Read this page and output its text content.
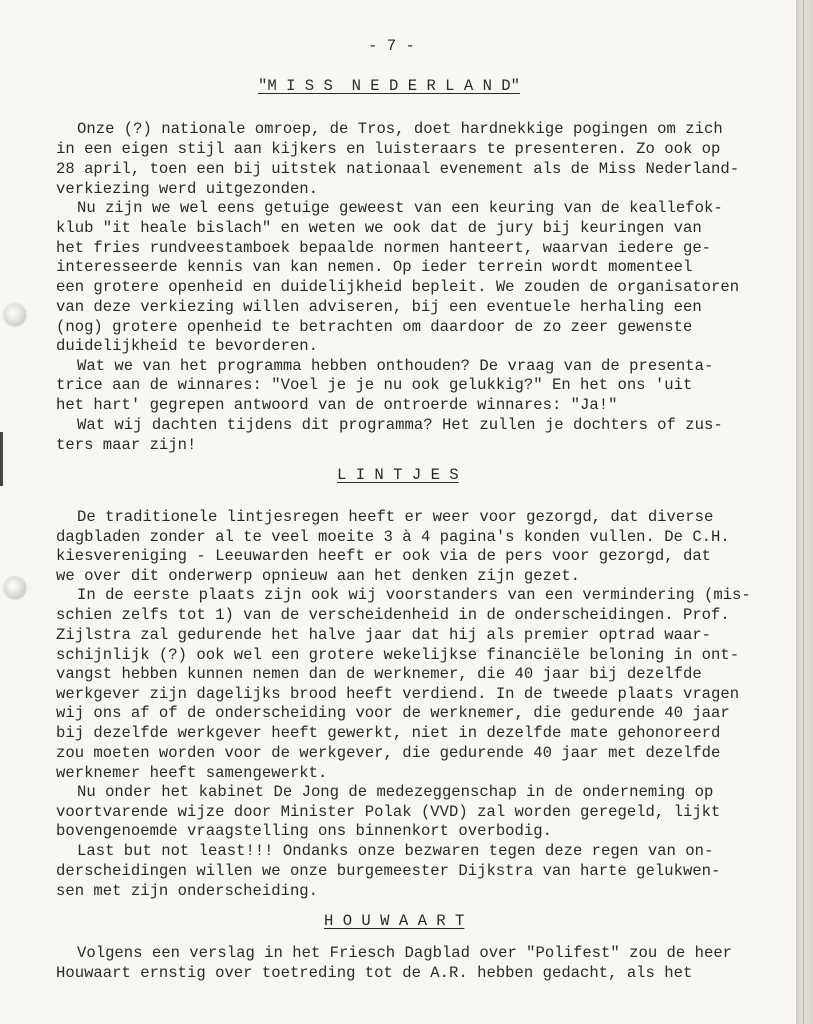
- 7 -

"M I S S  N E D E R L A N D"

Onze (?) nationale omroep, de Tros, doet hardnekkige pogingen om zich

in een eigen stijl aan kijkers en luisteraars te presenteren. Zo ook op

28 april, toen een bij uitstek nationaal evenement als de Miss Nederland-

verkiezing werd uitgezonden.

Nu zijn we wel eens getuige geweest van een keuring van de keallefok-

klub "it heale bislach" en weten we ook dat de jury bij keuringen van

het fries rundveestamboek bepaalde normen hanteert, waarvan iedere ge-

interesseerde kennis van kan nemen. Op ieder terrein wordt momenteel

een grotere openheid en duidelijkheid bepleit. We zouden de organisatoren

van deze verkiezing willen adviseren, bij een eventuele herhaling een

(nog) grotere openheid te betrachten om daardoor de zo zeer gewenste

duidelijkheid te bevorderen.

Wat we van het programma hebben onthouden? De vraag van de presenta-

trice aan de winnares: "Voel je je nu ook gelukkig?" En het ons 'uit

het hart' gegrepen antwoord van de ontroerde winnares: "Ja!"

Wat wij dachten tijdens dit programma? Het zullen je dochters of zus-

ters maar zijn!

L I N T J E S

De traditionele lintjesregen heeft er weer voor gezorgd, dat diverse

dagbladen zonder al te veel moeite 3 à 4 pagina's konden vullen. De C.H.

kiesvereniging - Leeuwarden heeft er ook via de pers voor gezorgd, dat

we over dit onderwerp opnieuw aan het denken zijn gezet.

In de eerste plaats zijn ook wij voorstanders van een vermindering (mis-

schien zelfs tot 1) van de verscheidenheid in de onderscheidingen. Prof.

Zijlstra zal gedurende het halve jaar dat hij als premier optrad waar-

schijnlijk (?) ook wel een grotere wekelijkse financiële beloning in ont-

vangst hebben kunnen nemen dan de werknemer, die 40 jaar bij dezelfde

werkgever zijn dagelijks brood heeft verdiend. In de tweede plaats vragen

wij ons af of de onderscheiding voor de werknemer, die gedurende 40 jaar

bij dezelfde werkgever heeft gewerkt, niet in dezelfde mate gehonoreerd

zou moeten worden voor de werkgever, die gedurende 40 jaar met dezelfde

werknemer heeft samengewerkt.

Nu onder het kabinet De Jong de medezeggenschap in de onderneming op

voortvarende wijze door Minister Polak (VVD) zal worden geregeld, lijkt

bovengenoemde vraagstelling ons binnenkort overbodig.

Last but not least!!! Ondanks onze bezwaren tegen deze regen van on-

derscheidingen willen we onze burgemeester Dijkstra van harte gelukwen-

sen met zijn onderscheiding.

H O U W A A R T

Volgens een verslag in het Friesch Dagblad over "Polifest" zou de heer

Houwaart ernstig over toetreding tot de A.R. hebben gedacht, als het
